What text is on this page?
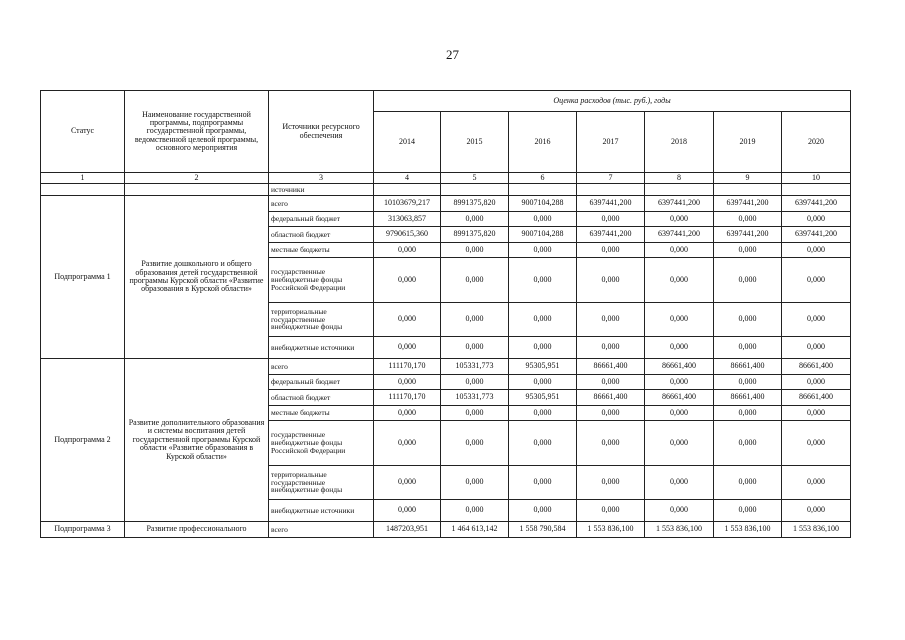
27
Статус	Наименование государственной программы, подпрограммы государственной программы, ведомственной целевой программы, основного мероприятия	Источники ресурсного обеспечения	Оценка расходов (тыс. руб.), годы						
			2014	2015	2016	2017	2018	2019	2020
1	2	3	4	5	6	7	8	9	10
		источники							
Подпрограмма 1	Развитие дошкольного и общего образования детей государственной программы Курской области «Развитие образования в Курской области»	всего	10103679,217	8991375,820	9007104,288	6397441,200	6397441,200	6397441,200	6397441,200
		федеральный бюджет	313063,857	0,000	0,000	0,000	0,000	0,000	0,000
		областной бюджет	9790615,360	8991375,820	9007104,288	6397441,200	6397441,200	6397441,200	6397441,200
		местные бюджеты	0,000	0,000	0,000	0,000	0,000	0,000	0,000
		государственные внебюджетные фонды Российской Федерации	0,000	0,000	0,000	0,000	0,000	0,000	0,000
		территориальные государственные внебюджетные фонды	0,000	0,000	0,000	0,000	0,000	0,000	0,000
		внебюджетные источники	0,000	0,000	0,000	0,000	0,000	0,000	0,000
Подпрограмма 2	Развитие дополнительного образования и системы воспитания детей государственной программы Курской области «Развитие образования в Курской области»	всего	111170,170	105331,773	95305,951	86661,400	86661,400	86661,400	86661,400
		федеральный бюджет	0,000	0,000	0,000	0,000	0,000	0,000	0,000
		областной бюджет	111170,170	105331,773	95305,951	86661,400	86661,400	86661,400	86661,400
		местные бюджеты	0,000	0,000	0,000	0,000	0,000	0,000	0,000
		государственные внебюджетные фонды Российской Федерации	0,000	0,000	0,000	0,000	0,000	0,000	0,000
		территориальные государственные внебюджетные фонды	0,000	0,000	0,000	0,000	0,000	0,000	0,000
		внебюджетные источники	0,000	0,000	0,000	0,000	0,000	0,000	0,000
Подпрограмма 3	Развитие профессионального	всего	1487203,951	1 464 613,142	1 558 790,584	1 553 836,100	1 553 836,100	1 553 836,100	1 553 836,100
